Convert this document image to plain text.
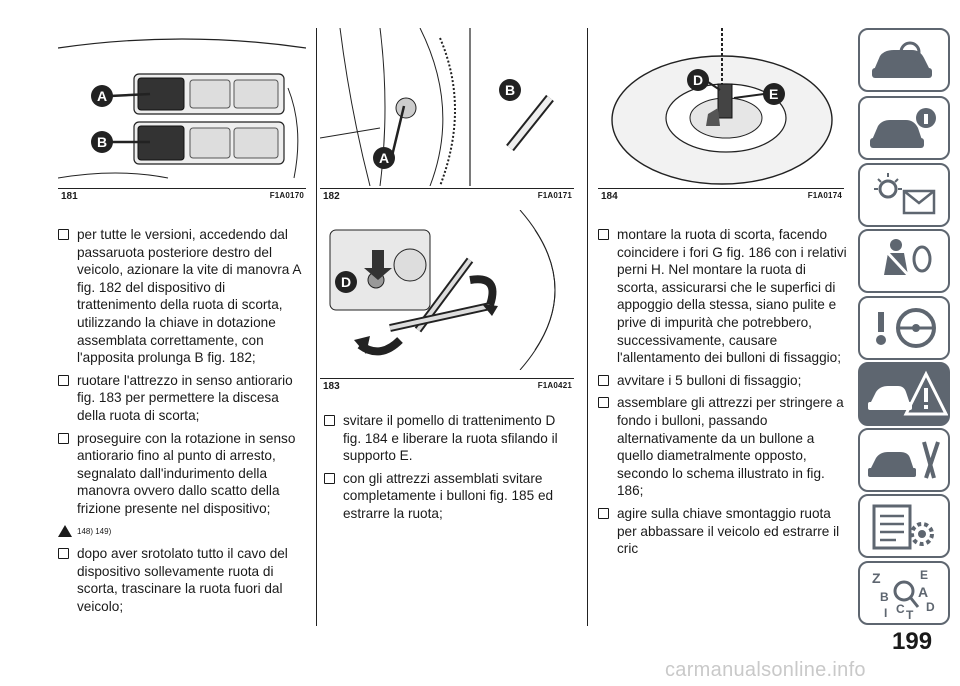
A
B
181	F1A0170
A
B
182	F1A0171
D
183	F1A0421
D
E
184	F1A0174
per tutte le versioni, accedendo dal passaruota posteriore destro del veicolo, azionare la vite di manovra A fig. 182 del dispositivo di trattenimento della ruota di scorta, utilizzando la chiave in dotazione assemblata correttamente, con l'apposita prolunga B fig. 182;
ruotare l'attrezzo in senso antiorario fig. 183 per permettere la discesa della ruota di scorta;
proseguire con la rotazione in senso antiorario fino al punto di arresto, segnalato dall'indurimento della manovra ovvero dallo scatto della frizione presente nel dispositivo;
148) 149)
dopo aver srotolato tutto il cavo del dispositivo sollevamente ruota di scorta, trascinare la ruota fuori dal veicolo;
svitare il pomello di trattenimento D fig. 184 e liberare la ruota sfilando il supporto E.
con gli attrezzi assemblati svitare completamente i bulloni fig. 185 ed estrarre la ruota;
montare la ruota di scorta, facendo coincidere i fori G fig. 186 con i relativi perni H. Nel montare la ruota di scorta, assicurarsi che le superfici di appoggio della stessa, siano pulite e prive di impurità che potrebbero, successivamente, causare l'allentamento dei bulloni di fissaggio;
avvitare i 5 bulloni di fissaggio;
assemblare gli attrezzi per stringere a fondo i bulloni, passando alternativamente da un bullone a quello diametralmente opposto, secondo lo schema illustrato in fig. 186;
agire sulla chiave smontaggio ruota per abbassare il veicolo ed estrarre il cric
Z	E
B A
I C T
D
199
carmanualsonline.info
